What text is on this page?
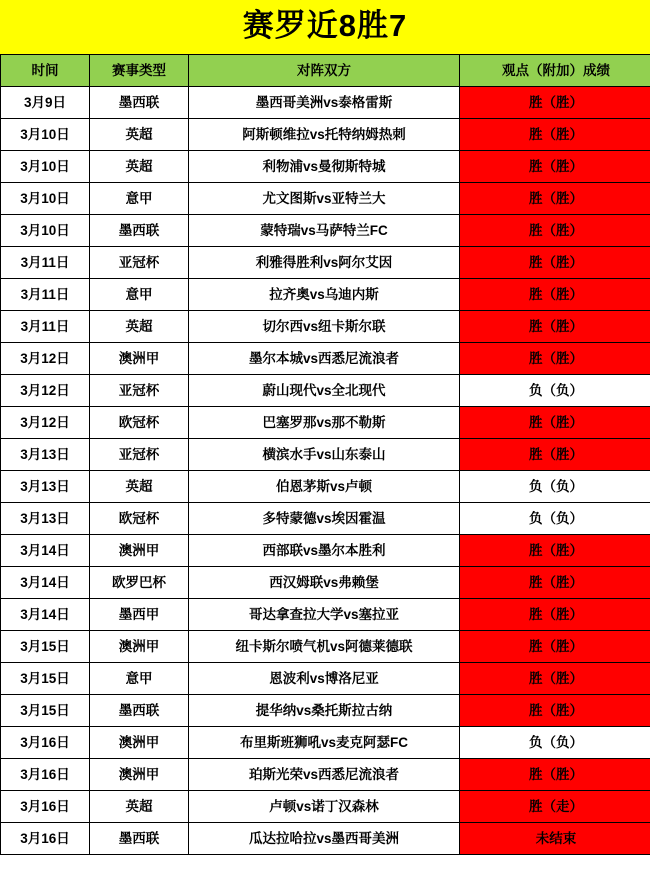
赛罗近8胜7
时间	赛事类型	对阵双方	观点（附加）成绩
3月9日	墨西联	墨西哥美洲vs泰格雷斯	胜（胜）
3月10日	英超	阿斯顿维拉vs托特纳姆热刺	胜（胜）
3月10日	英超	利物浦vs曼彻斯特城	胜（胜）
3月10日	意甲	尤文图斯vs亚特兰大	胜（胜）
3月10日	墨西联	蒙特瑞vs马萨特兰FC	胜（胜）
3月11日	亚冠杯	利雅得胜利vs阿尔艾因	胜（胜）
3月11日	意甲	拉齐奥vs乌迪内斯	胜（胜）
3月11日	英超	切尔西vs纽卡斯尔联	胜（胜）
3月12日	澳洲甲	墨尔本城vs西悉尼流浪者	胜（胜）
3月12日	亚冠杯	蔚山现代vs全北现代	负（负）
3月12日	欧冠杯	巴塞罗那vs那不勒斯	胜（胜）
3月13日	亚冠杯	横滨水手vs山东泰山	胜（胜）
3月13日	英超	伯恩茅斯vs卢顿	负（负）
3月13日	欧冠杯	多特蒙德vs埃因霍温	负（负）
3月14日	澳洲甲	西部联vs墨尔本胜利	胜（胜）
3月14日	欧罗巴杯	西汉姆联vs弗赖堡	胜（胜）
3月14日	墨西甲	哥达拿查拉大学vs塞拉亚	胜（胜）
3月15日	澳洲甲	纽卡斯尔喷气机vs阿德莱德联	胜（胜）
3月15日	意甲	恩波利vs博洛尼亚	胜（胜）
3月15日	墨西联	提华纳vs桑托斯拉古纳	胜（胜）
3月16日	澳洲甲	布里斯班狮吼vs麦克阿瑟FC	负（负）
3月16日	澳洲甲	珀斯光荣vs西悉尼流浪者	胜（胜）
3月16日	英超	卢顿vs诺丁汉森林	胜（走）
3月16日	墨西联	瓜达拉哈拉vs墨西哥美洲	未结束
